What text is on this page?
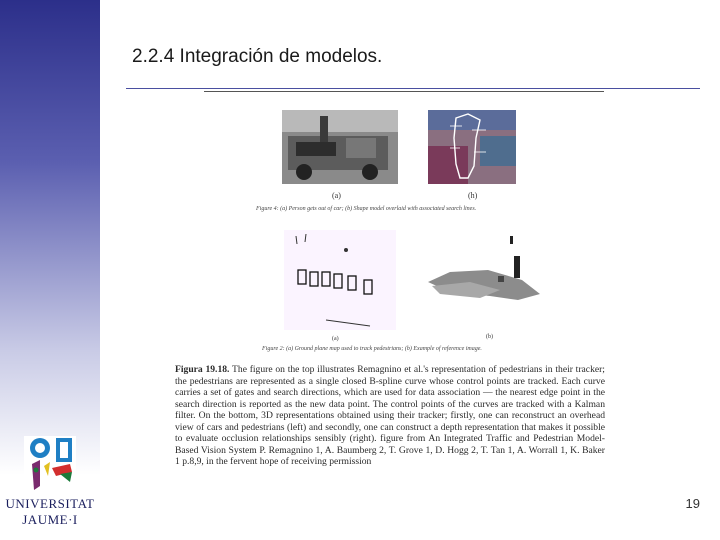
UNIVERSITAT
JAUME·I
2.2.4 Integración de modelos.
(a)	(h)
(a)	(b)
Figure 4: (a) Person gets out of car; (b) Shape model overlaid with associated search lines.
Figure 2: (a) Ground plane map used to track pedestrians; (b) Example of reference image.
Figura 19.18. The figure on the top illustrates Remagnino et al.'s representation of pedestrians in their tracker; the pedestrians are represented as a single closed B-spline curve whose control points are tracked. Each curve carries a set of gates and search directions, which are used for data association — the nearest edge point in the search direction is reported as the new data point. The control points of the curves are tracked with a Kalman filter. On the bottom, 3D representations obtained using their tracker; firstly, one can reconstruct an overhead view of cars and pedestrians (left) and secondly, one can construct a depth representation that makes it possible to evaluate occlusion relationships sensibly (right). figure from An Integrated Traffic and Pedestrian Model-Based Vision System P. Remagnino 1, A. Baumberg 2, T. Grove 1, D. Hogg 2, T. Tan 1, A. Worrall 1, K. Baker 1 p.8,9, in the fervent hope of receiving permission
19
